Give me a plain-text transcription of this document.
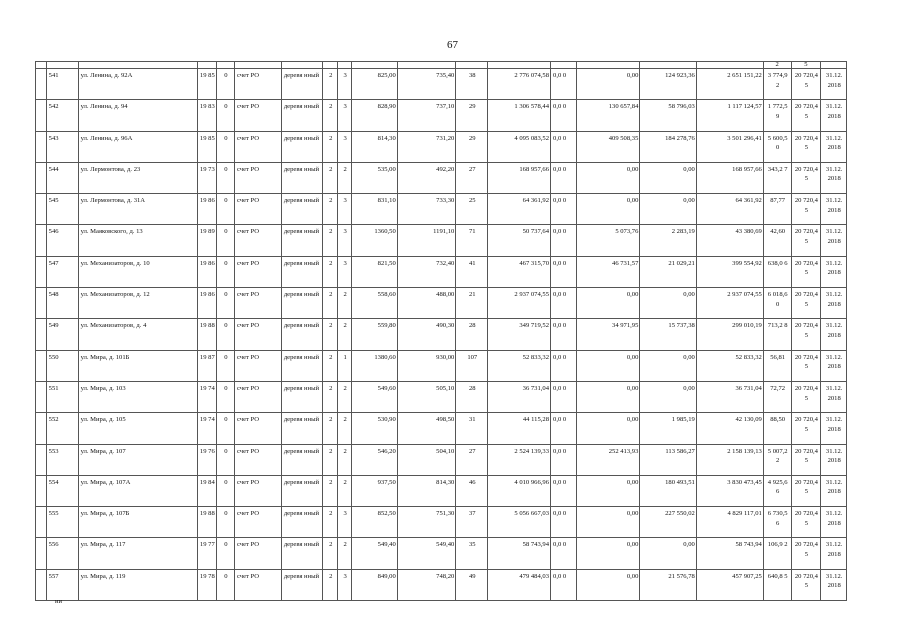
67
																	2	5	
	541	ул. Ленина, д. 92А	19 85	0	счет РО	деревя нный	2	3	825,00	735,40	38	2 776 074,58	0,0 0	0,00	124 923,36	2 651 151,22	3 774,9 2	20 720,4 5	31.12. 2018
	542	ул. Ленина, д. 94	19 83	0	счет РО	деревя нный	2	3	828,90	737,10	29	1 306 578,44	0,0 0	130 657,84	58 796,03	1 117 124,57	1 772,5 9	20 720,4 5	31.12. 2018
	543	ул. Ленина, д. 96А	19 85	0	счет РО	деревя нный	2	3	814,30	731,20	29	4 095 083,52	0,0 0	409 508,35	184 278,76	3 501 296,41	5 600,5 0	20 720,4 5	31.12. 2018
	544	ул. Лермонтова, д. 23	19 73	0	счет РО	деревя нный	2	2	535,00	492,20	27	168 957,66	0,0 0	0,00	0,00	168 957,66	343,2 7	20 720,4 5	31.12. 2018
	545	ул. Лермонтова, д. 31А	19 86	0	счет РО	деревя нный	2	3	831,10	733,30	25	64 361,92	0,0 0	0,00	0,00	64 361,92	87,77	20 720,4 5	31.12. 2018
	546	ул. Маяковского, д. 13	19 89	0	счет РО	деревя нный	2	3	1360,50	1191,10	71	50 737,64	0,0 0	5 073,76	2 283,19	43 380,69	42,60	20 720,4 5	31.12. 2018
	547	ул. Механизаторов, д. 10	19 86	0	счет РО	деревя нный	2	3	821,50	732,40	41	467 315,70	0,0 0	46 731,57	21 029,21	399 554,92	638,0 6	20 720,4 5	31.12. 2018
	548	ул. Механизаторов, д. 12	19 86	0	счет РО	деревя нный	2	2	558,60	488,00	21	2 937 074,55	0,0 0	0,00	0,00	2 937 074,55	6 018,6 0	20 720,4 5	31.12. 2018
	549	ул. Механизаторов, д. 4	19 88	0	счет РО	деревя нный	2	2	559,80	490,30	28	349 719,52	0,0 0	34 971,95	15 737,38	299 010,19	713,2 8	20 720,4 5	31.12. 2018
	550	ул. Мира, д. 101Б	19 87	0	счет РО	деревя нный	2	1	1380,60	930,00	107	52 833,32	0,0 0	0,00	0,00	52 833,32	56,81	20 720,4 5	31.12. 2018
	551	ул. Мира, д. 103	19 74	0	счет РО	деревя нный	2	2	549,60	505,10	28	36 731,04	0,0 0	0,00	0,00	36 731,04	72,72	20 720,4 5	31.12. 2018
	552	ул. Мира, д. 105	19 74	0	счет РО	деревя нный	2	2	530,90	498,50	31	44 115,28	0,0 0	0,00	1 985,19	42 130,09	88,50	20 720,4 5	31.12. 2018
	553	ул. Мира, д. 107	19 76	0	счет РО	деревя нный	2	2	546,20	504,10	27	2 524 139,33	0,0 0	252 413,93	113 586,27	2 158 139,13	5 007,2 2	20 720,4 5	31.12. 2018
	554	ул. Мира, д. 107А	19 84	0	счет РО	деревя нный	2	2	937,50	814,30	46	4 010 966,96	0,0 0	0,00	180 493,51	3 830 473,45	4 925,6 6	20 720,4 5	31.12. 2018
	555	ул. Мира, д. 107Б	19 88	0	счет РО	деревя нный	2	3	852,50	751,30	37	5 056 667,03	0,0 0	0,00	227 550,02	4 829 117,01	6 730,5 6	20 720,4 5	31.12. 2018
	556	ул. Мира, д. 117	19 77	0	счет РО	деревя нный	2	2	549,40	549,40	35	58 743,94	0,0 0	0,00	0,00	58 743,94	106,9 2	20 720,4 5	31.12. 2018
	557	ул. Мира, д. 119	19 78	0	счет РО	деревя нный	2	3	849,00	748,20	49	479 484,03	0,0 0	0,00	21 576,78	457 907,25	640,8 5	20 720,4 5	31.12. 2018
ии
